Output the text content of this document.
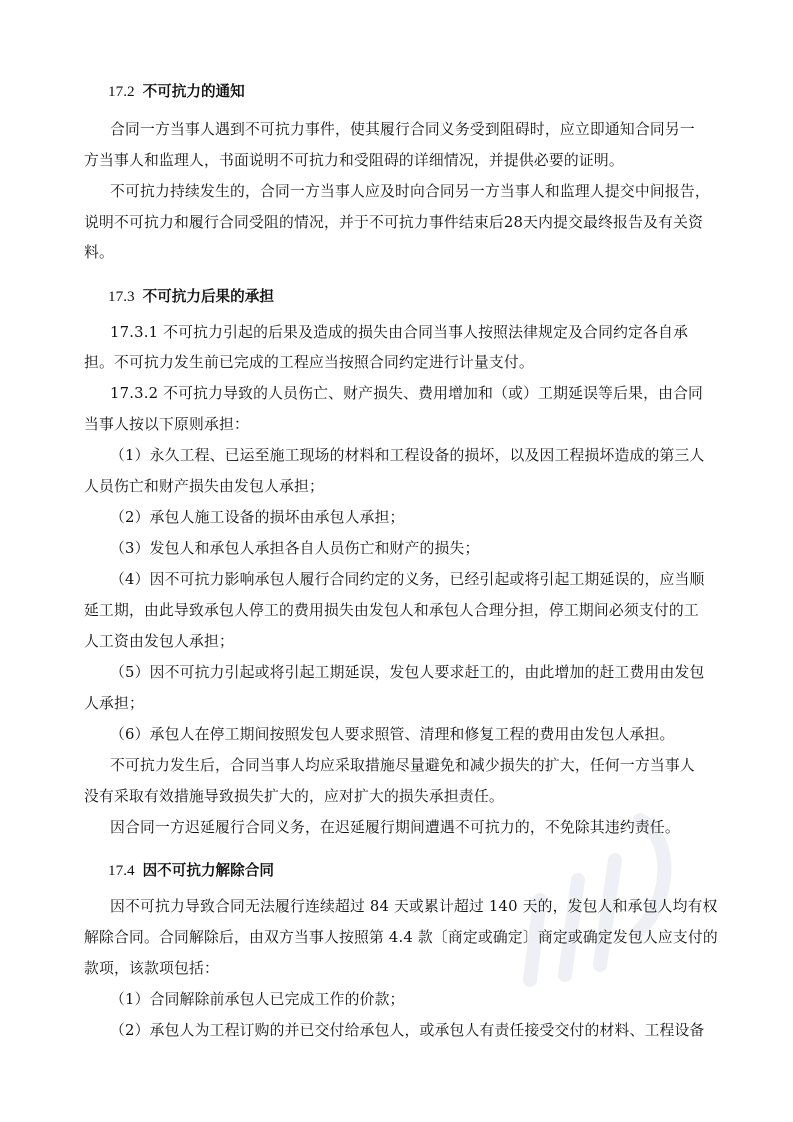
17.2 不可抗力的通知
合同一方当事人遇到不可抗力事件，使其履行合同义务受到阻碍时，应立即通知合同另一
方当事人和监理人，书面说明不可抗力和受阻碍的详细情况，并提供必要的证明。
不可抗力持续发生的，合同一方当事人应及时向合同另一方当事人和监理人提交中间报告，
说明不可抗力和履行合同受阻的情况，并于不可抗力事件结束后28天内提交最终报告及有关资
料。
17.3 不可抗力后果的承担
17.3.1 不可抗力引起的后果及造成的损失由合同当事人按照法律规定及合同约定各自承
担。不可抗力发生前已完成的工程应当按照合同约定进行计量支付。
17.3.2 不可抗力导致的人员伤亡、财产损失、费用增加和（或）工期延误等后果，由合同
当事人按以下原则承担：
（1）永久工程、已运至施工现场的材料和工程设备的损坏，以及因工程损坏造成的第三人
人员伤亡和财产损失由发包人承担；
（2）承包人施工设备的损坏由承包人承担；
（3）发包人和承包人承担各自人员伤亡和财产的损失；
（4）因不可抗力影响承包人履行合同约定的义务，已经引起或将引起工期延误的，应当顺
延工期，由此导致承包人停工的费用损失由发包人和承包人合理分担，停工期间必须支付的工
人工资由发包人承担；
（5）因不可抗力引起或将引起工期延误，发包人要求赶工的，由此增加的赶工费用由发包
人承担；
（6）承包人在停工期间按照发包人要求照管、清理和修复工程的费用由发包人承担。
不可抗力发生后，合同当事人均应采取措施尽量避免和减少损失的扩大，任何一方当事人
没有采取有效措施导致损失扩大的，应对扩大的损失承担责任。
因合同一方迟延履行合同义务，在迟延履行期间遭遇不可抗力的，不免除其违约责任。
17.4 因不可抗力解除合同
因不可抗力导致合同无法履行连续超过 84 天或累计超过 140 天的，发包人和承包人均有权
解除合同。合同解除后，由双方当事人按照第 4.4 款〔商定或确定〕商定或确定发包人应支付的
款项，该款项包括：
（1）合同解除前承包人已完成工作的价款；
（2）承包人为工程订购的并已交付给承包人，或承包人有责任接受交付的材料、工程设备
